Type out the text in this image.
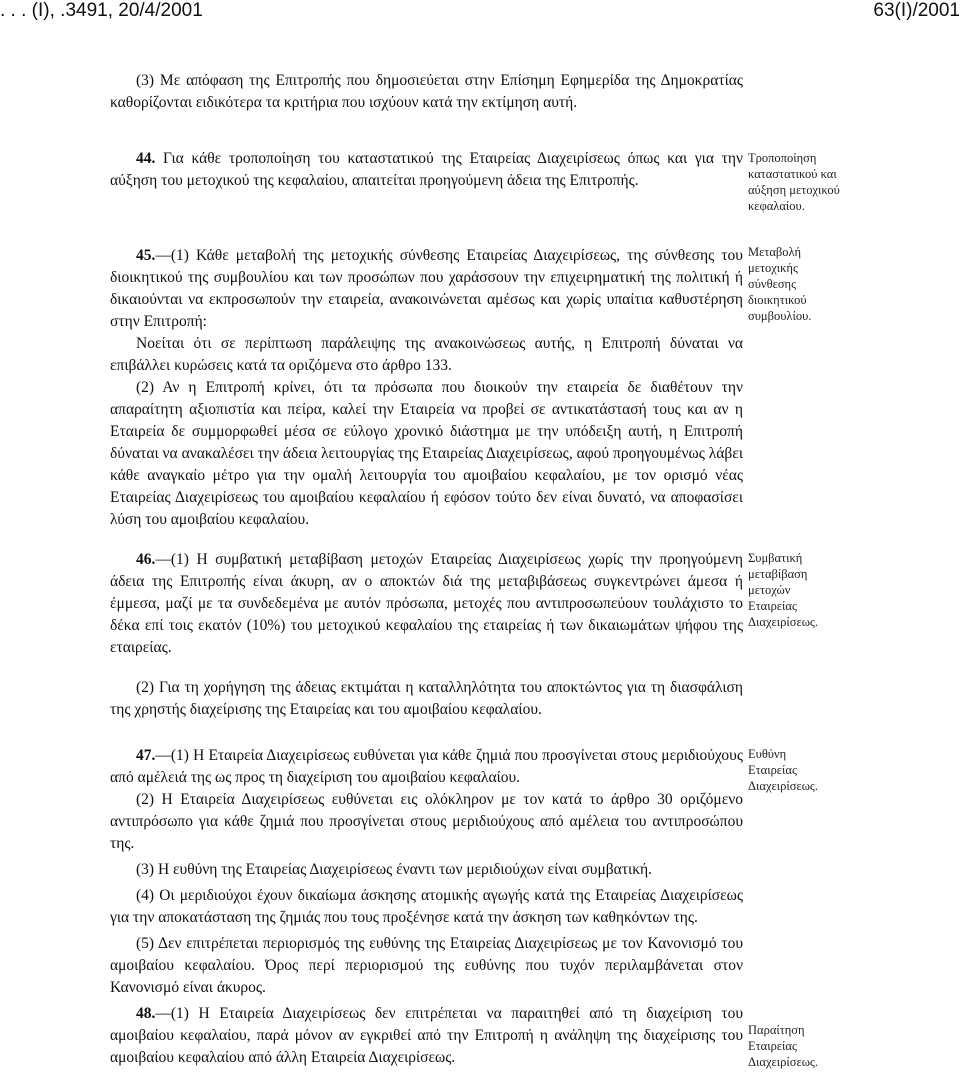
. . . (Ι), .3491, 20/4/2001	63(Ι)/2001

(3) Με απόφαση της Επιτροπής που δημοσιεύεται στην Επίσημη Εφημερίδα της Δημοκρατίας καθορίζονται ειδικότερα τα κριτήρια που ισχύουν κατά την εκτίμηση αυτή.

44. Για κάθε τροποποίηση του καταστατικού της Εταιρείας Διαχειρίσεως όπως και για την αύξηση του μετοχικού της κεφαλαίου, απαιτείται προηγούμενη άδεια της Επιτροπής.

45.—(1) Κάθε μεταβολή της μετοχικής σύνθεσης Εταιρείας Διαχειρίσεως, της σύνθεσης του διοικητικού της συμβουλίου και των προσώπων που χαράσσουν την επιχειρηματική της πολιτική ή δικαιούνται να εκπροσωπούν την εταιρεία, ανακοινώνεται αμέσως και χωρίς υπαίτια καθυστέρηση στην Επιτροπή:

Νοείται ότι σε περίπτωση παράλειψης της ανακοινώσεως αυτής, η Επιτροπή δύναται να επιβάλλει κυρώσεις κατά τα οριζόμενα στο άρθρο 133.

(2) Αν η Επιτροπή κρίνει, ότι τα πρόσωπα που διοικούν την εταιρεία δε διαθέτουν την απαραίτητη αξιοπιστία και πείρα, καλεί την Εταιρεία να προβεί σε αντικατάστασή τους και αν η Εταιρεία δε συμμορφωθεί μέσα σε εύλογο χρονικό διάστημα με την υπόδειξη αυτή, η Επιτροπή δύναται να ανακαλέσει την άδεια λειτουργίας της Εταιρείας Διαχειρίσεως, αφού προηγουμένως λάβει κάθε αναγκαίο μέτρο για την ομαλή λειτουργία του αμοιβαίου κεφαλαίου, με τον ορισμό νέας Εταιρείας Διαχειρίσεως του αμοιβαίου κεφαλαίου ή εφόσον τούτο δεν είναι δυνατό, να αποφασίσει λύση του αμοιβαίου κεφαλαίου.

46.—(1) Η συμβατική μεταβίβαση μετοχών Εταιρείας Διαχειρίσεως χωρίς την προηγούμενη άδεια της Επιτροπής είναι άκυρη, αν ο αποκτών διά της μεταβιβάσεως συγκεντρώνει άμεσα ή έμμεσα, μαζί με τα συνδεδεμένα με αυτόν πρόσωπα, μετοχές που αντιπροσωπεύουν τουλάχιστο το δέκα επί τοις εκατόν (10%) του μετοχικού κεφαλαίου της εταιρείας ή των δικαιωμάτων ψήφου της εταιρείας.

(2) Για τη χορήγηση της άδειας εκτιμάται η καταλληλότητα του αποκτώντος για τη διασφάλιση της χρηστής διαχείρισης της Εταιρείας και του αμοιβαίου κεφαλαίου.

47.—(1) Η Εταιρεία Διαχειρίσεως ευθύνεται για κάθε ζημιά που προσγίνεται στους μεριδιούχους από αμέλειά της ως προς τη διαχείριση του αμοιβαίου κεφαλαίου.

(2) Η Εταιρεία Διαχειρίσεως ευθύνεται εις ολόκληρον με τον κατά το άρθρο 30 οριζόμενο αντιπρόσωπο για κάθε ζημιά που προσγίνεται στους μεριδιούχους από αμέλεια του αντιπροσώπου της.

(3) Η ευθύνη της Εταιρείας Διαχειρίσεως έναντι των μεριδιούχων είναι συμβατική.

(4) Οι μεριδιούχοι έχουν δικαίωμα άσκησης ατομικής αγωγής κατά της Εταιρείας Διαχειρίσεως για την αποκατάσταση της ζημιάς που τους προξένησε κατά την άσκηση των καθηκόντων της.

(5) Δεν επιτρέπεται περιορισμός της ευθύνης της Εταιρείας Διαχειρίσεως με τον Κανονισμό του αμοιβαίου κεφαλαίου. Όρος περί περιορισμού της ευθύνης που τυχόν περιλαμβάνεται στον Κανονισμό είναι άκυρος.

48.—(1) Η Εταιρεία Διαχειρίσεως δεν επιτρέπεται να παραιτηθεί από τη διαχείριση του αμοιβαίου κεφαλαίου, παρά μόνον αν εγκριθεί από την Επιτροπή η ανάληψη της διαχείρισης του αμοιβαίου κεφαλαίου από άλλη Εταιρεία Διαχειρίσεως.

Τροποποίηση
καταστατικού και
αύξηση μετοχικού
κεφαλαίου.
Μεταβολή
μετοχικής
σύνθεσης
διοικητικού
συμβουλίου.
Συμβατική
μεταβίβαση
μετοχών
Εταιρείας
Διαχειρίσεως.
Ευθύνη
Εταιρείας
Διαχειρίσεως.
Παραίτηση
Εταιρείας
Διαχειρίσεως.
